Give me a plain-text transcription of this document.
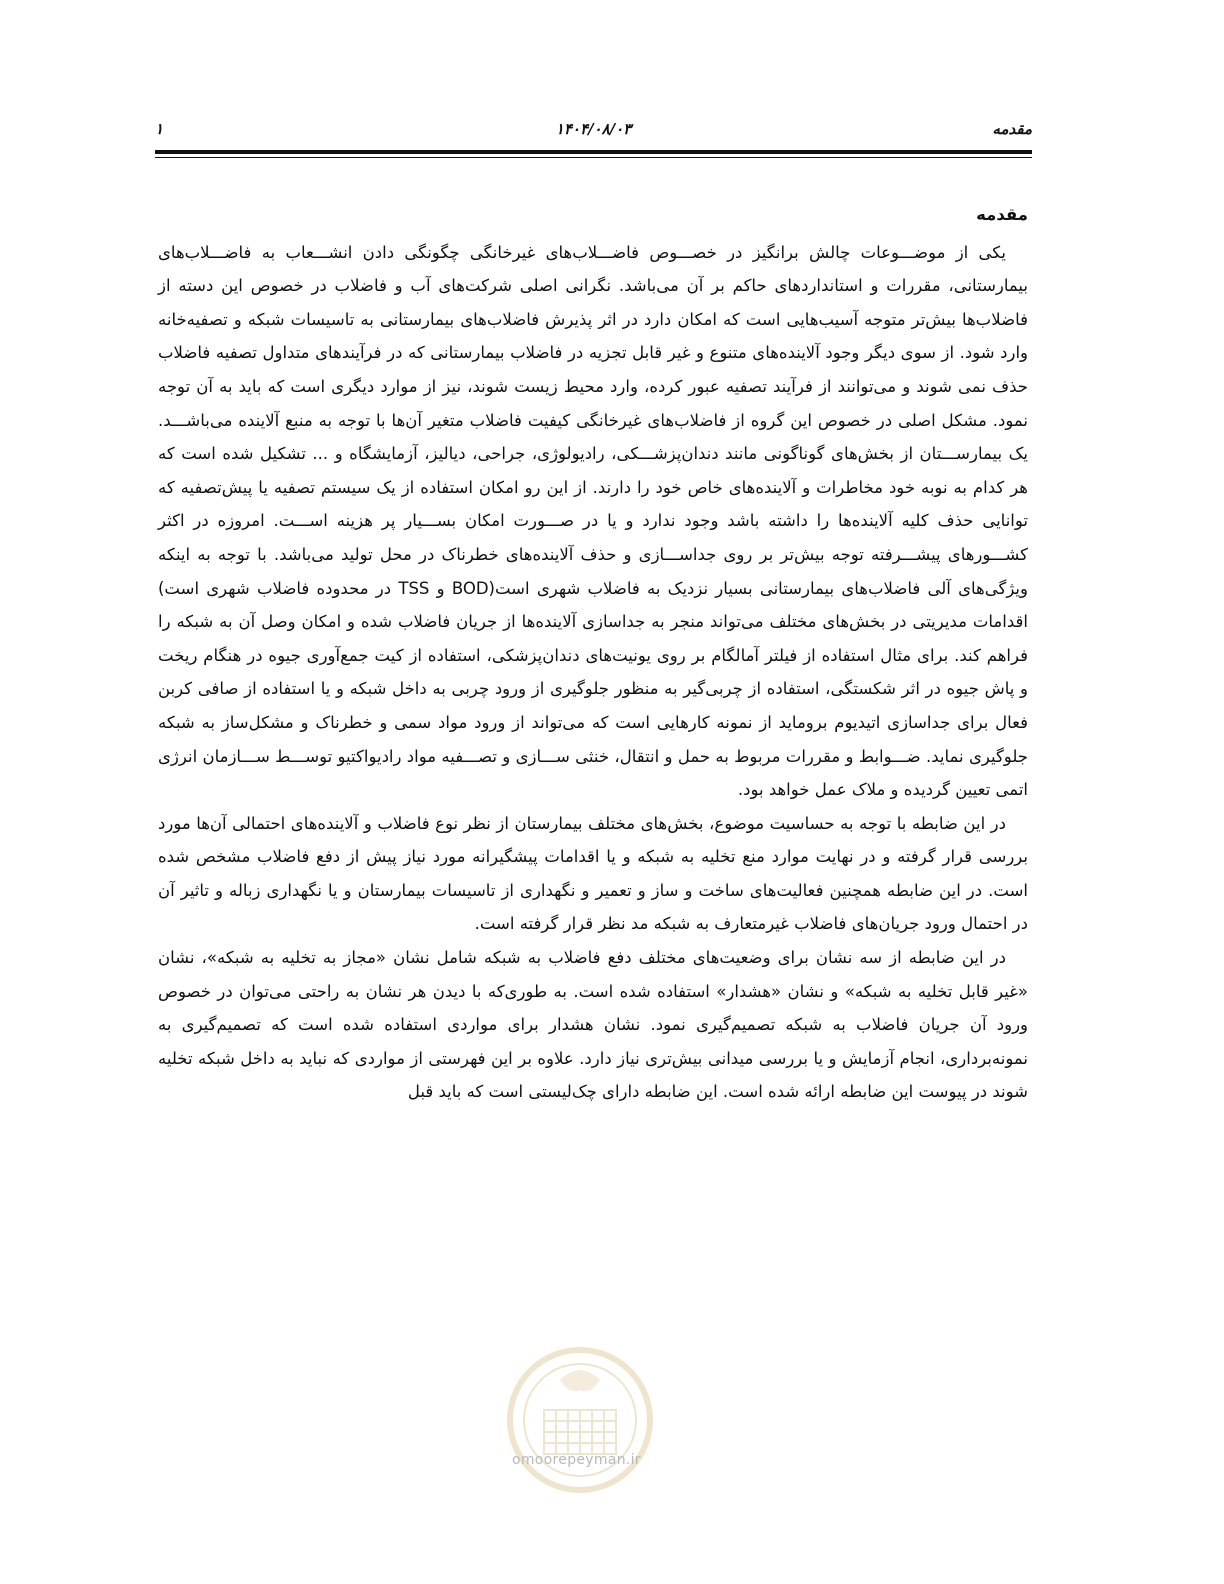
مقدمه
۱۴۰۴/۰۸/۰۳
۱
مقدمه

یکی از موضـــوعات چالش برانگیز در خصـــوص فاضـــلاب‌های غیرخانگی چگونگی دادن انشـــعاب به فاضـــلاب‌های بیمارستانی، مقررات و استانداردهای حاکم بر آن می‌باشد. نگرانی اصلی شرکت‌های آب و فاضلاب در خصوص این دسته از فاضلاب‌ها بیش‌تر متوجه آسیب‌هایی است که امکان دارد در اثر پذیرش فاضلاب‌های بیمارستانی به تاسیسات شبکه و تصفیه‌خانه وارد شود. از سوی دیگر وجود آلاینده‌های متنوع و غیر قابل تجزیه در فاضلاب بیمارستانی که در فرآیندهای متداول تصفیه فاضلاب حذف نمی شوند و می‌توانند از فرآیند تصفیه عبور کرده، وارد محیط زیست شوند، نیز از موارد دیگری است که باید به آن توجه نمود. مشکل اصلی در خصوص این گروه از فاضلاب‌های غیرخانگی کیفیت فاضلاب متغیر آن‌ها با توجه به منبع آلاینده می‌باشـــد. یک بیمارســـتان از بخش‌های گوناگونی مانند دندان‌پزشـــکی، رادیولوژی، جراحی، دیالیز، آزمایشگاه و ... تشکیل شده است که هر کدام به نوبه خود مخاطرات و آلاینده‌های خاص خود را دارند. از این رو امکان استفاده از یک سیستم تصفیه یا پیش‌تصفیه که توانایی حذف کلیه آلاینده‌ها را داشته باشد وجود ندارد و یا در صـــورت امکان بســـیار پر هزینه اســـت. امروزه در اکثر کشـــورهای پیشـــرفته توجه بیش‌تر بر روی جداســـازی و حذف آلاینده‌های خطرناک در محل تولید می‌باشد. با توجه به اینکه ویژگی‌های آلی فاضلاب‌های بیمارستانی بسیار نزدیک به فاضلاب شهری است(BOD و TSS در محدوده فاضلاب شهری است) اقدامات مدیریتی در بخش‌های مختلف می‌تواند منجر به جداسازی آلاینده‌ها از جریان فاضلاب شده و امکان وصل آن به شبکه را فراهم کند. برای مثال استفاده از فیلتر آمالگام بر روی یونیت‌های دندان‌پزشکی، استفاده از کیت جمع‌آوری جیوه در هنگام ریخت و پاش جیوه در اثر شکستگی، استفاده از چربی‌گیر به منظور جلوگیری از ورود چربی به داخل شبکه و یا استفاده از صافی کربن فعال برای جداسازی اتیدیوم بروماید از نمونه کارهایی است که می‌تواند از ورود مواد سمی و خطرناک و مشکل‌ساز به شبکه جلوگیری نماید. ضـــوابط و مقررات مربوط به حمل و انتقال، خنثی ســـازی و تصـــفیه مواد رادیواکتیو توســـط ســـازمان انرژی اتمی تعیین گردیده و ملاک عمل خواهد بود.

در این ضابطه با توجه به حساسیت موضوع، بخش‌های مختلف بیمارستان از نظر نوع فاضلاب و آلاینده‌های احتمالی آن‌ها مورد بررسی قرار گرفته و در نهایت موارد منع تخلیه به شبکه و یا اقدامات پیشگیرانه مورد نیاز پیش از دفع فاضلاب مشخص شده است. در این ضابطه همچنین فعالیت‌های ساخت و ساز و تعمیر و نگهداری از تاسیسات بیمارستان و یا نگهداری زباله و تاثیر آن در احتمال ورود جریان‌های فاضلاب غیرمتعارف به شبکه مد نظر قرار گرفته است.

در این ضابطه از سه نشان برای وضعیت‌های مختلف دفع فاضلاب به شبکه شامل نشان «مجاز به تخلیه به شبکه»، نشان «غیر قابل تخلیه به شبکه» و نشان «هشدار» استفاده شده است. به طوری‌که با دیدن هر نشان به راحتی می‌توان در خصوص ورود آن جریان فاضلاب به شبکه تصمیم‌گیری نمود. نشان هشدار برای مواردی استفاده شده است که تصمیم‌گیری به نمونه‌برداری، انجام آزمایش و یا بررسی میدانی بیش‌تری نیاز دارد. علاوه بر این فهرستی از مواردی که نباید به داخل شبکه تخلیه شوند در پیوست این ضابطه ارائه شده است. این ضابطه دارای چک‌لیستی است که باید قبل

omoorepeyman.ir
